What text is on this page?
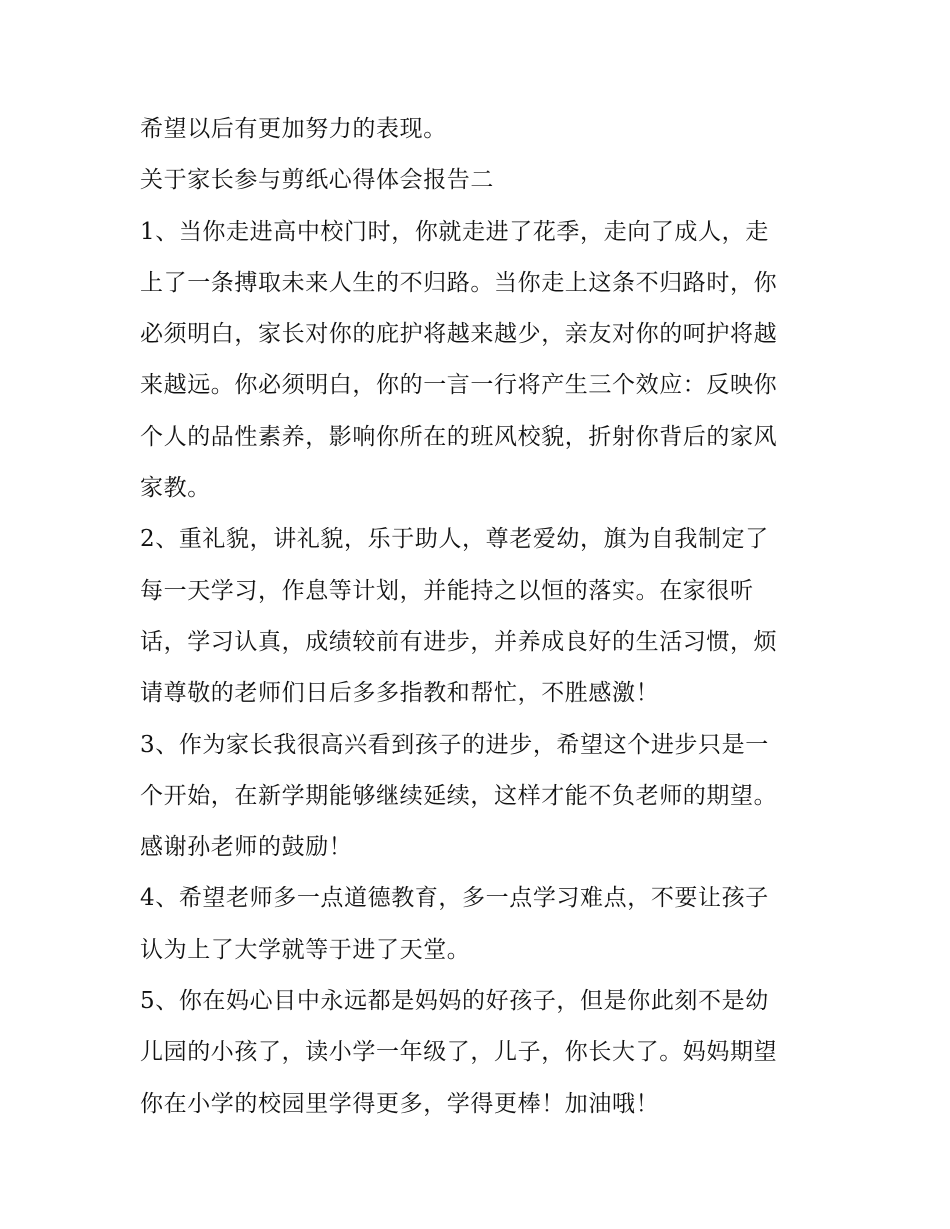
希望以后有更加努力的表现。

关于家长参与剪纸心得体会报告二

1、当你走进高中校门时，你就走进了花季，走向了成人，走
上了一条搏取未来人生的不归路。当你走上这条不归路时，你
必须明白，家长对你的庇护将越来越少，亲友对你的呵护将越
来越远。你必须明白，你的一言一行将产生三个效应：反映你
个人的品性素养，影响你所在的班风校貌，折射你背后的家风
家教。

2、重礼貌，讲礼貌，乐于助人，尊老爱幼，旗为自我制定了
每一天学习，作息等计划，并能持之以恒的落实。在家很听
话，学习认真，成绩较前有进步，并养成良好的生活习惯，烦
请尊敬的老师们日后多多指教和帮忙，不胜感激！

3、作为家长我很高兴看到孩子的进步，希望这个进步只是一
个开始，在新学期能够继续延续，这样才能不负老师的期望。
感谢孙老师的鼓励！

4、希望老师多一点道德教育，多一点学习难点，不要让孩子
认为上了大学就等于进了天堂。

5、你在妈心目中永远都是妈妈的好孩子，但是你此刻不是幼
儿园的小孩了，读小学一年级了，儿子，你长大了。妈妈期望
你在小学的校园里学得更多，学得更棒！加油哦！
